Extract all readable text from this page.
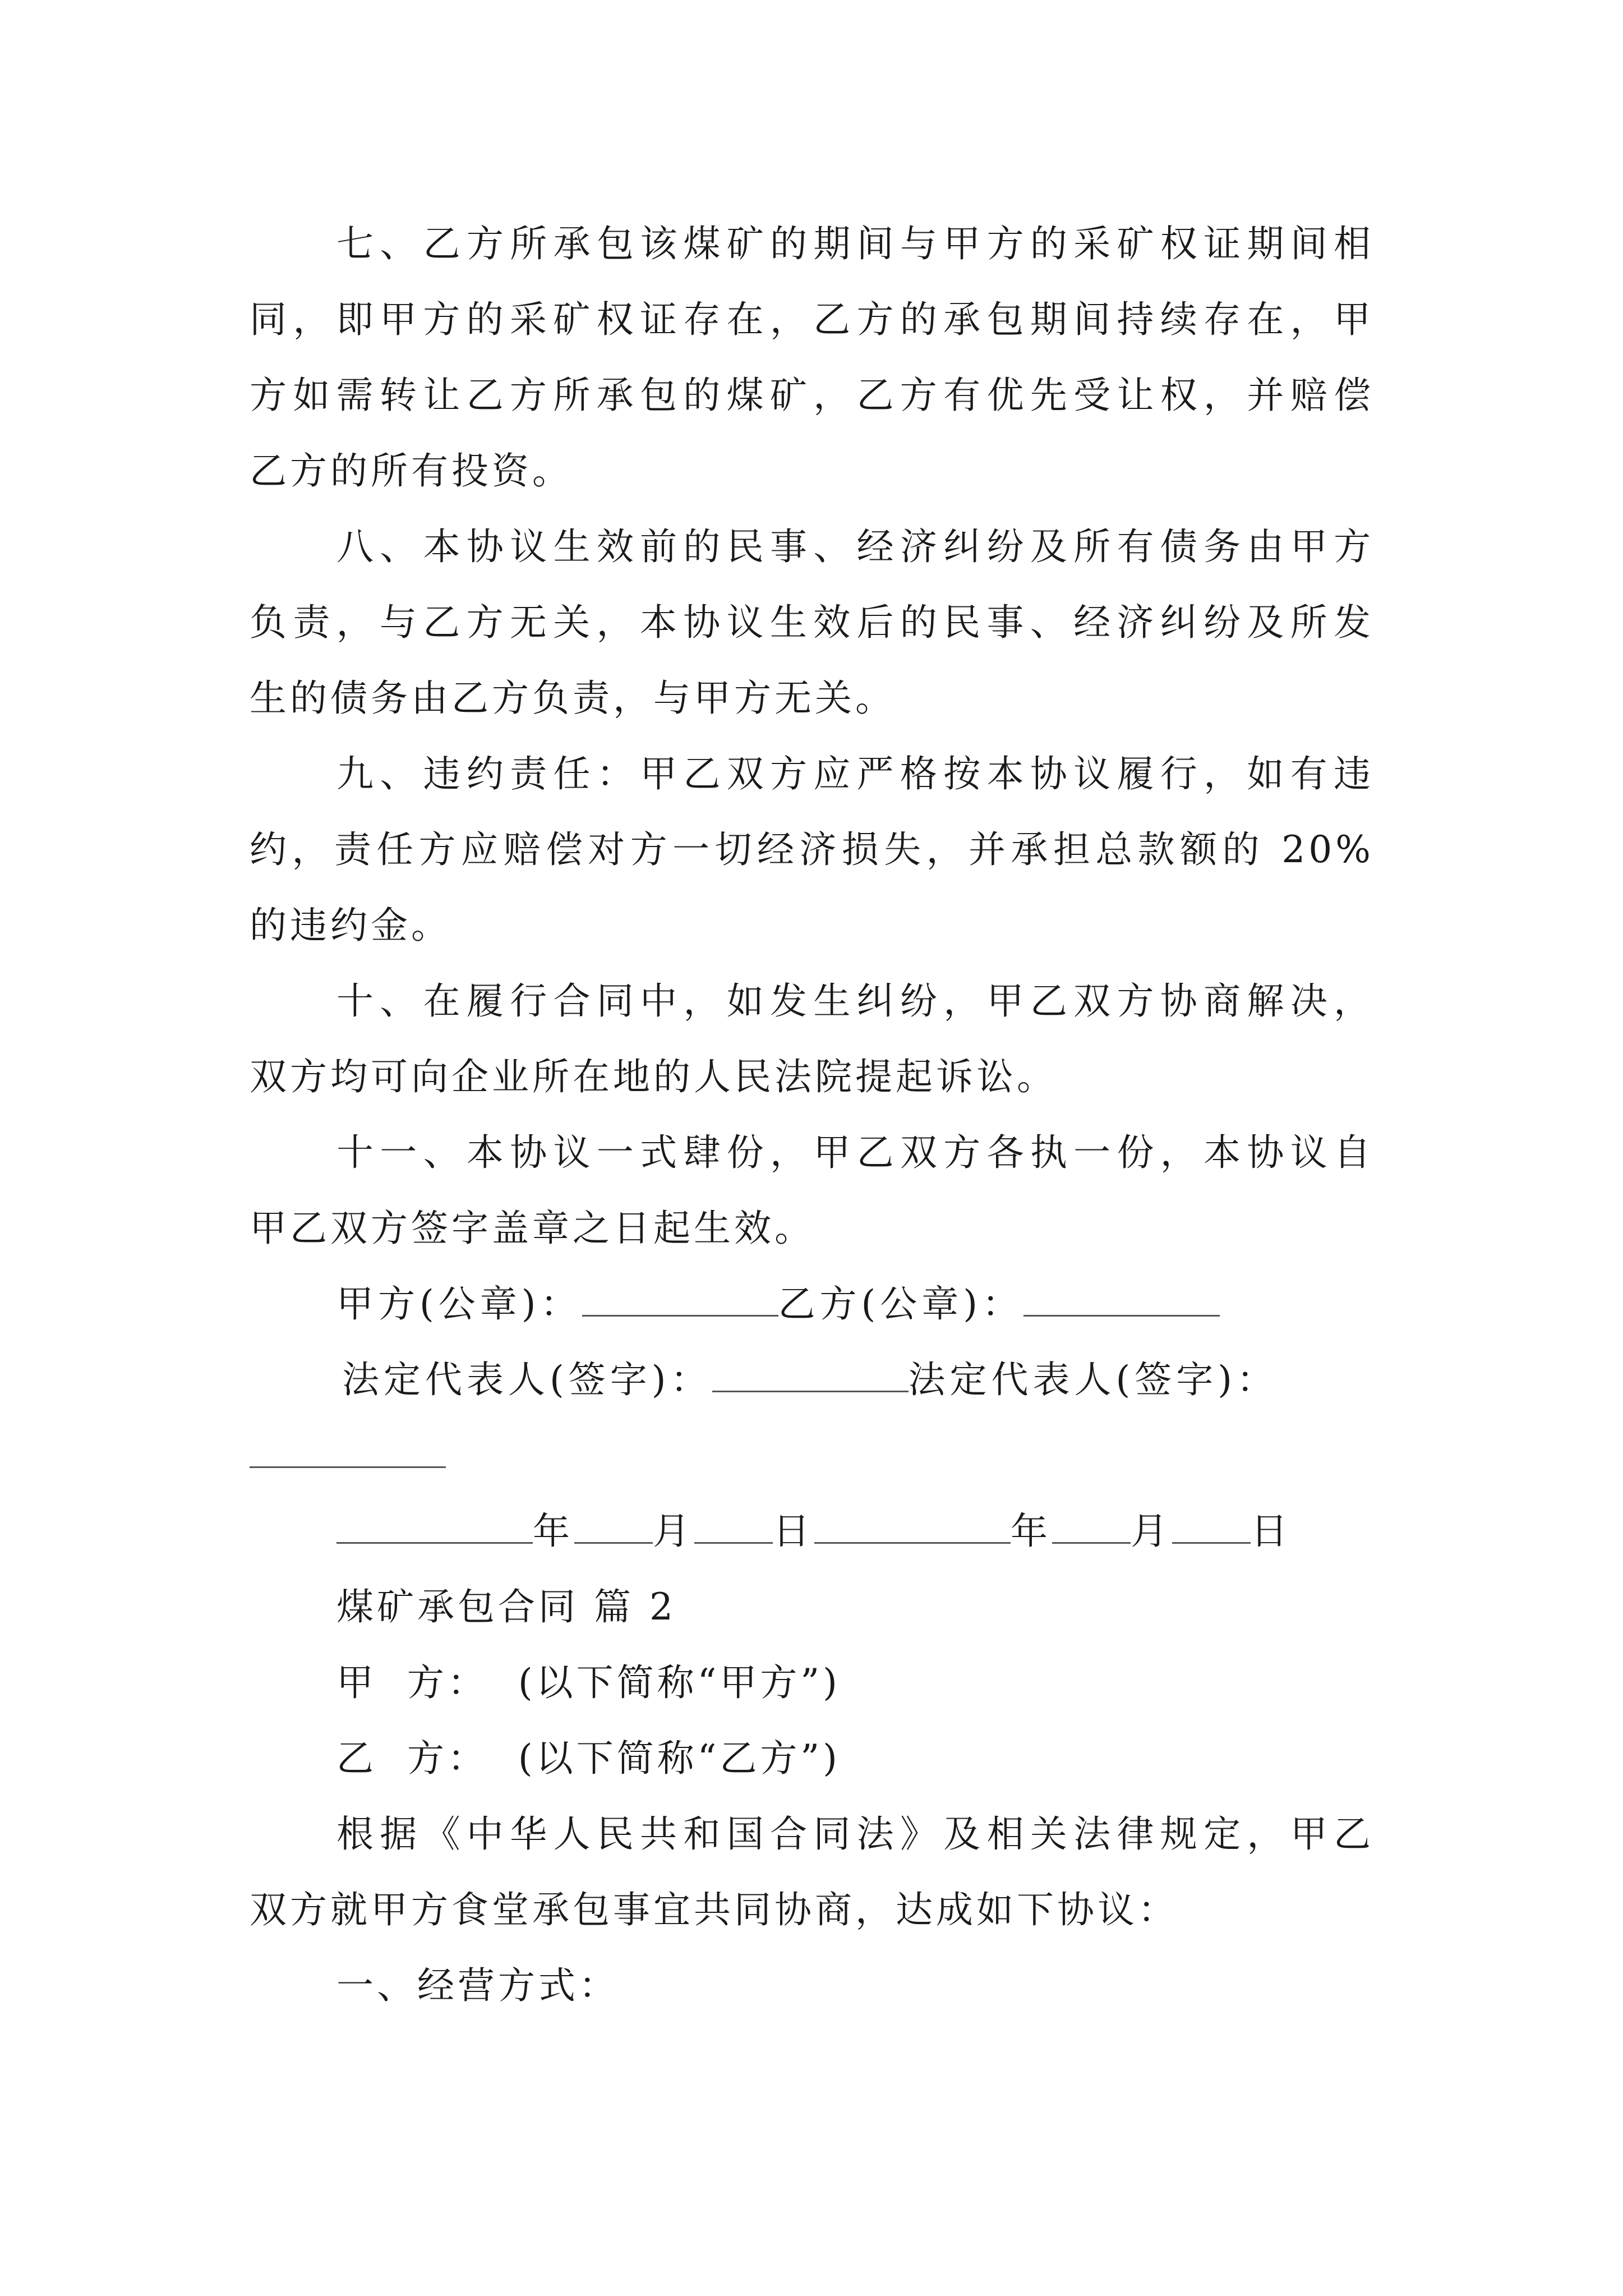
七、乙方所承包该煤矿的期间与甲方的采矿权证期间相
同，即甲方的采矿权证存在，乙方的承包期间持续存在，甲
方如需转让乙方所承包的煤矿，乙方有优先受让权，并赔偿
乙方的所有投资。
八、本协议生效前的民事、经济纠纷及所有债务由甲方
负责，与乙方无关，本协议生效后的民事、经济纠纷及所发
生的债务由乙方负责，与甲方无关。
九、违约责任：甲乙双方应严格按本协议履行，如有违
约，责任方应赔偿对方一切经济损失，并承担总款额的 20%
的违约金。
十、在履行合同中，如发生纠纷，甲乙双方协商解决，
双方均可向企业所在地的人民法院提起诉讼。
十一、本协议一式肆份，甲乙双方各执一份，本协议自
甲乙双方签字盖章之日起生效。
甲方(公章)：	乙方(公章)：
法定代表人(签字)：	法定代表人(签字)：
年 月 日	年 月 日
煤矿承包合同 篇 2
甲  方：  (以下简称“甲方”)
乙  方：  (以下简称“乙方”)
根据《中华人民共和国合同法》及相关法律规定，甲乙
双方就甲方食堂承包事宜共同协商，达成如下协议：
一、经营方式：
